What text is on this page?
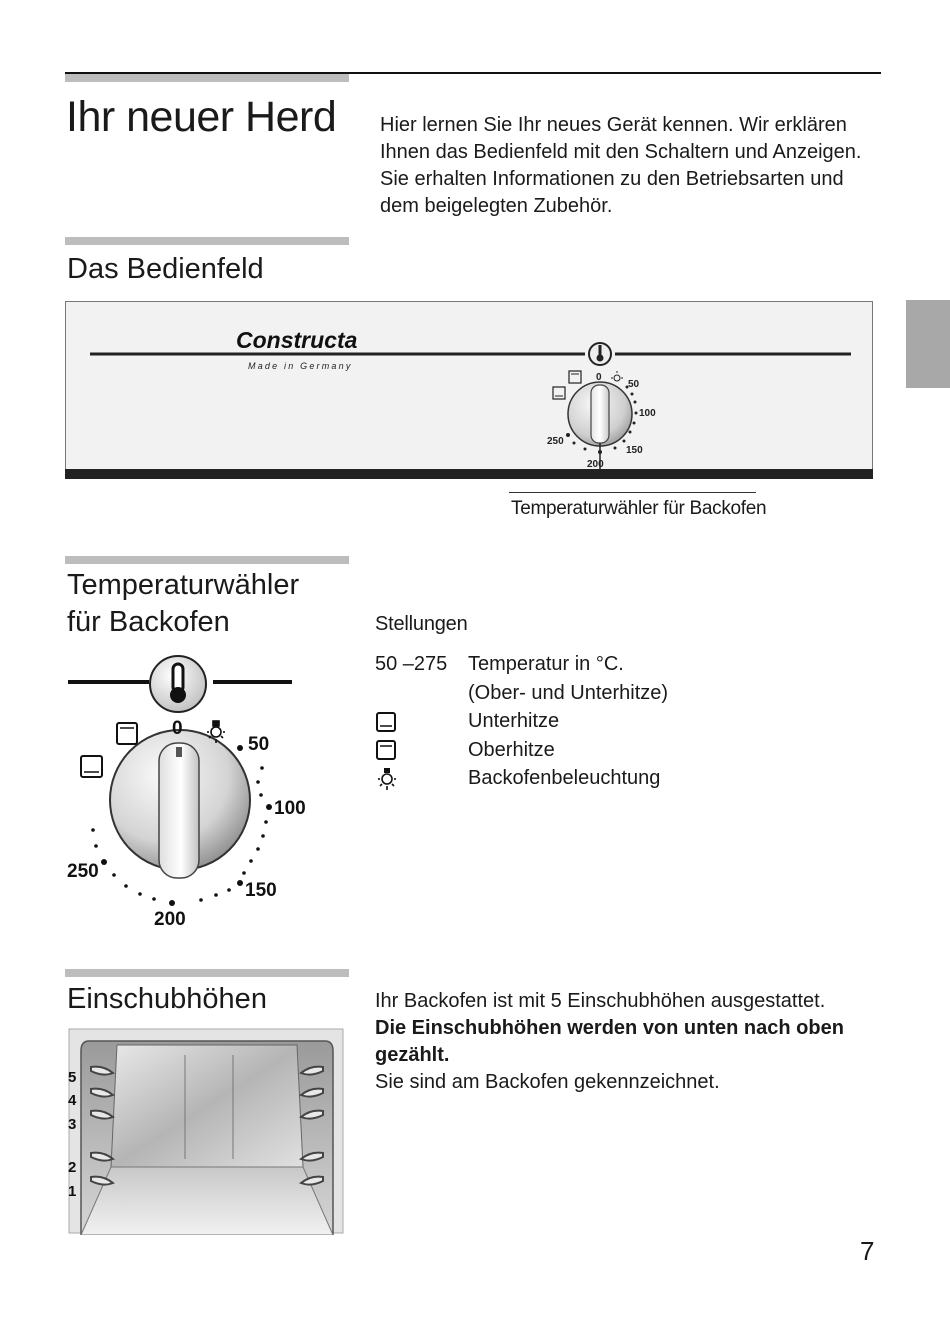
Ihr neuer Herd Hier lernen Sie Ihr neues Gerät kennen. Wir erklären Ihnen das Bedienfeld mit den Schaltern und Anzeigen. Sie erhalten Informationen zu den Betriebsarten und dem beigelegten Zubehör.
Das Bedienfeld
Constructa
Made in Germany
0
50
100
150
200
250
Temperaturwähler für Backofen
Temperaturwähler
für Backofen
0
50
100
150
200
250
Stellungen
50 –275	Temperatur in °C.
(Ober- und Unterhitze)
Unterhitze
Oberhitze
Backofenbeleuchtung
Einschubhöhen
5
4
3
2
1
Ihr Backofen ist mit 5 Einschubhöhen ausgestattet.
Die Einschubhöhen werden von unten nach oben gezählt.
Sie sind am Backofen gekennzeichnet.
7
